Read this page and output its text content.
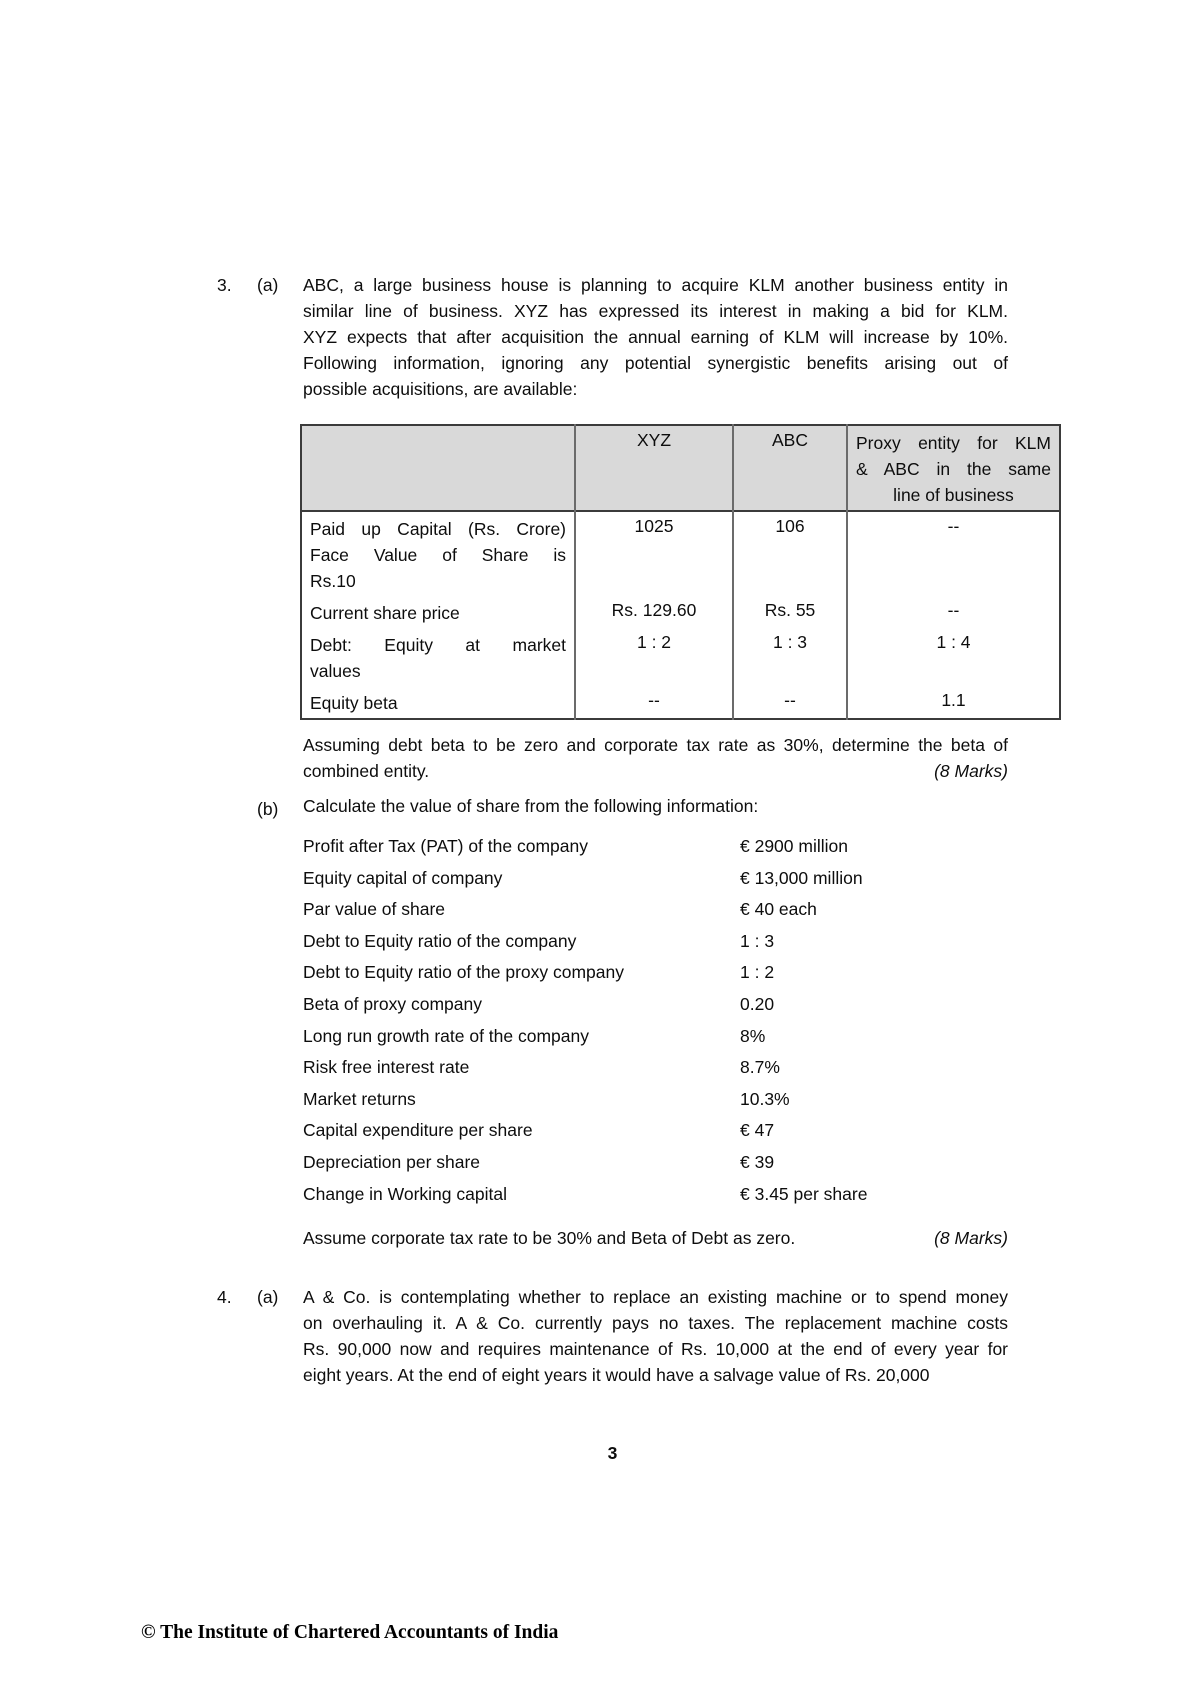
3.	(a)	ABC, a large business house is planning to acquire KLM another business entity in
similar line of business. XYZ has expressed its interest in making a bid for KLM.
XYZ expects that after acquisition the annual earning of KLM will increase by 10%.
Following information, ignoring any potential synergistic benefits arising out of
possible acquisitions, are available:
	XYZ	ABC	Proxy entity for KLM
& ABC in the same
line of business

Paid up Capital (Rs. Crore)
Face Value of Share is
Rs.10	1025	106	--

Current share price	Rs. 129.60	Rs. 55	--

Debt: Equity at market
values	1 : 2	1 : 3	1 : 4

Equity beta	--	--	1.1
Assuming debt beta to be zero and corporate tax rate as 30%, determine the beta of
combined entity.	(8 Marks)
(b)	Calculate the value of share from the following information:
Profit after Tax (PAT) of the company	€ 2900 million
Equity capital of company	€ 13,000 million
Par value of share	€ 40 each
Debt to Equity ratio of the company	1 : 3
Debt to Equity ratio of the proxy company	1 : 2
Beta of proxy company	0.20
Long run growth rate of the company	8%
Risk free interest rate	8.7%
Market returns	10.3%
Capital expenditure per share	€ 47
Depreciation per share	€ 39
Change in Working capital	€ 3.45 per share
Assume corporate tax rate to be 30% and Beta of Debt as zero.	(8 Marks)
4.	(a)	A & Co. is contemplating whether to replace an existing machine or to spend money
on overhauling it. A & Co. currently pays no taxes. The replacement machine costs
Rs. 90,000 now and requires maintenance of Rs. 10,000 at the end of every year for
eight years. At the end of eight years it would have a salvage value of Rs. 20,000
3
© The Institute of Chartered Accountants of India
